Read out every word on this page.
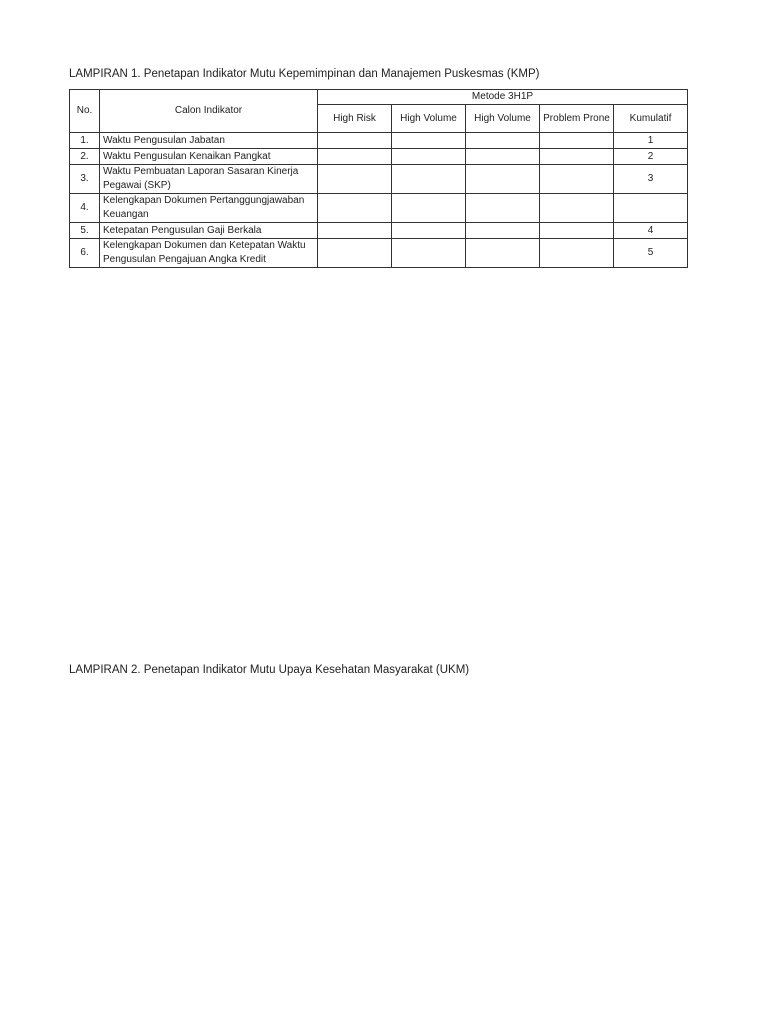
LAMPIRAN 1. Penetapan Indikator Mutu Kepemimpinan dan Manajemen Puskesmas (KMP)
No.	Calon Indikator	Metode 3H1P				
		High Risk	High Volume	High Volume	Problem Prone	Kumulatif
1.	Waktu Pengusulan Jabatan					1
2.	Waktu Pengusulan Kenaikan Pangkat					2
3.	Waktu Pembuatan Laporan Sasaran Kinerja Pegawai (SKP)					3
4.	Kelengkapan Dokumen Pertanggungjawaban Keuangan					
5.	Ketepatan Pengusulan Gaji Berkala					4
6.	Kelengkapan Dokumen dan Ketepatan Waktu Pengusulan Pengajuan Angka Kredit					5
LAMPIRAN 2. Penetapan Indikator Mutu Upaya Kesehatan Masyarakat (UKM)
